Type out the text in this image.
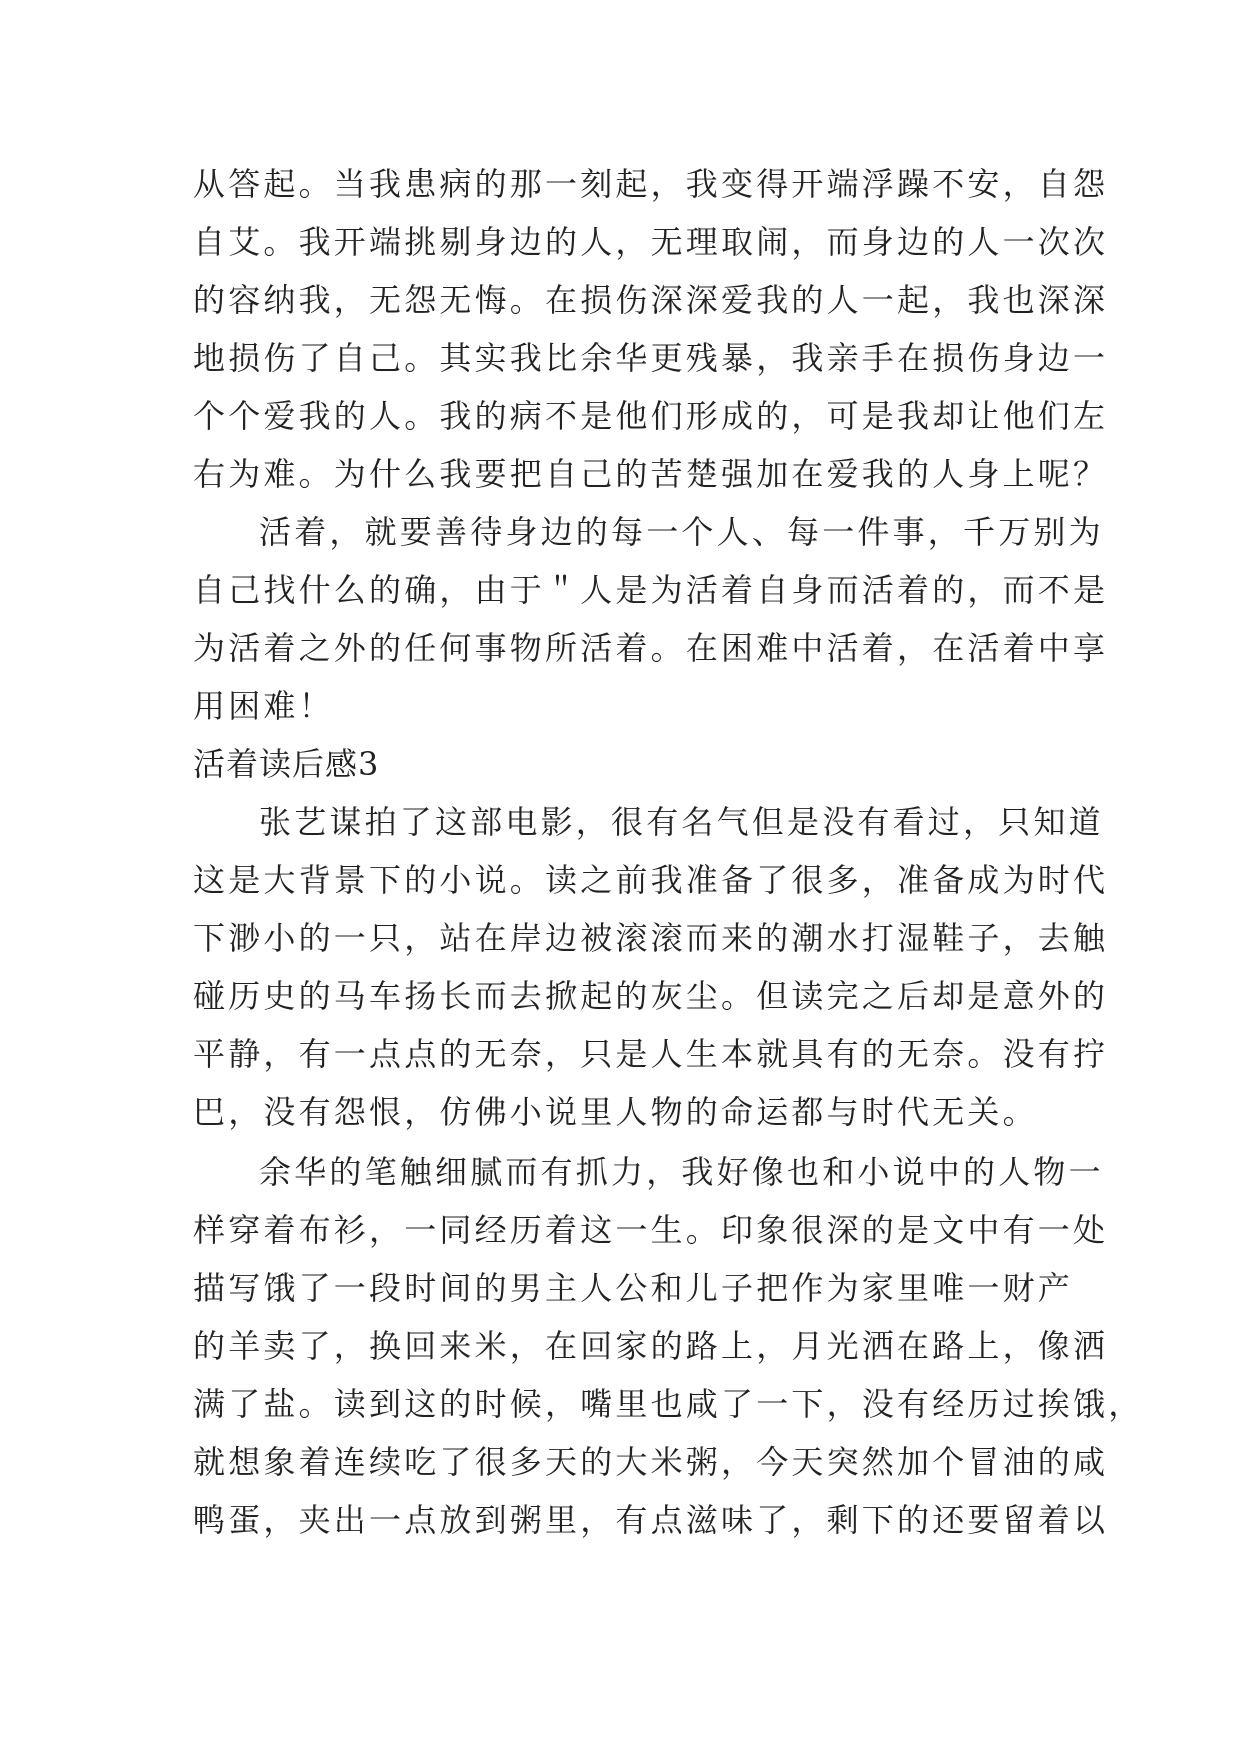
从答起。当我患病的那一刻起，我变得开端浮躁不安，自怨
自艾。我开端挑剔身边的人，无理取闹，而身边的人一次次
的容纳我，无怨无悔。在损伤深深爱我的人一起，我也深深
地损伤了自己。其实我比余华更残暴，我亲手在损伤身边一
个个爱我的人。我的病不是他们形成的，可是我却让他们左
右为难。为什么我要把自己的苦楚强加在爱我的人身上呢？
活着，就要善待身边的每一个人、每一件事，千万别为
自己找什么的确，由于＂人是为活着自身而活着的，而不是
为活着之外的任何事物所活着。在困难中活着，在活着中享
用困难！
活着读后感3
张艺谋拍了这部电影，很有名气但是没有看过，只知道
这是大背景下的小说。读之前我准备了很多，准备成为时代
下渺小的一只，站在岸边被滚滚而来的潮水打湿鞋子，去触
碰历史的马车扬长而去掀起的灰尘。但读完之后却是意外的
平静，有一点点的无奈，只是人生本就具有的无奈。没有拧
巴，没有怨恨，仿佛小说里人物的命运都与时代无关。
余华的笔触细腻而有抓力，我好像也和小说中的人物一
样穿着布衫，一同经历着这一生。印象很深的是文中有一处
描写饿了一段时间的男主人公和儿子把作为家里唯一财产
的羊卖了，换回来米，在回家的路上，月光洒在路上，像洒
满了盐。读到这的时候，嘴里也咸了一下，没有经历过挨饿，
就想象着连续吃了很多天的大米粥，今天突然加个冒油的咸
鸭蛋，夹出一点放到粥里，有点滋味了，剩下的还要留着以
